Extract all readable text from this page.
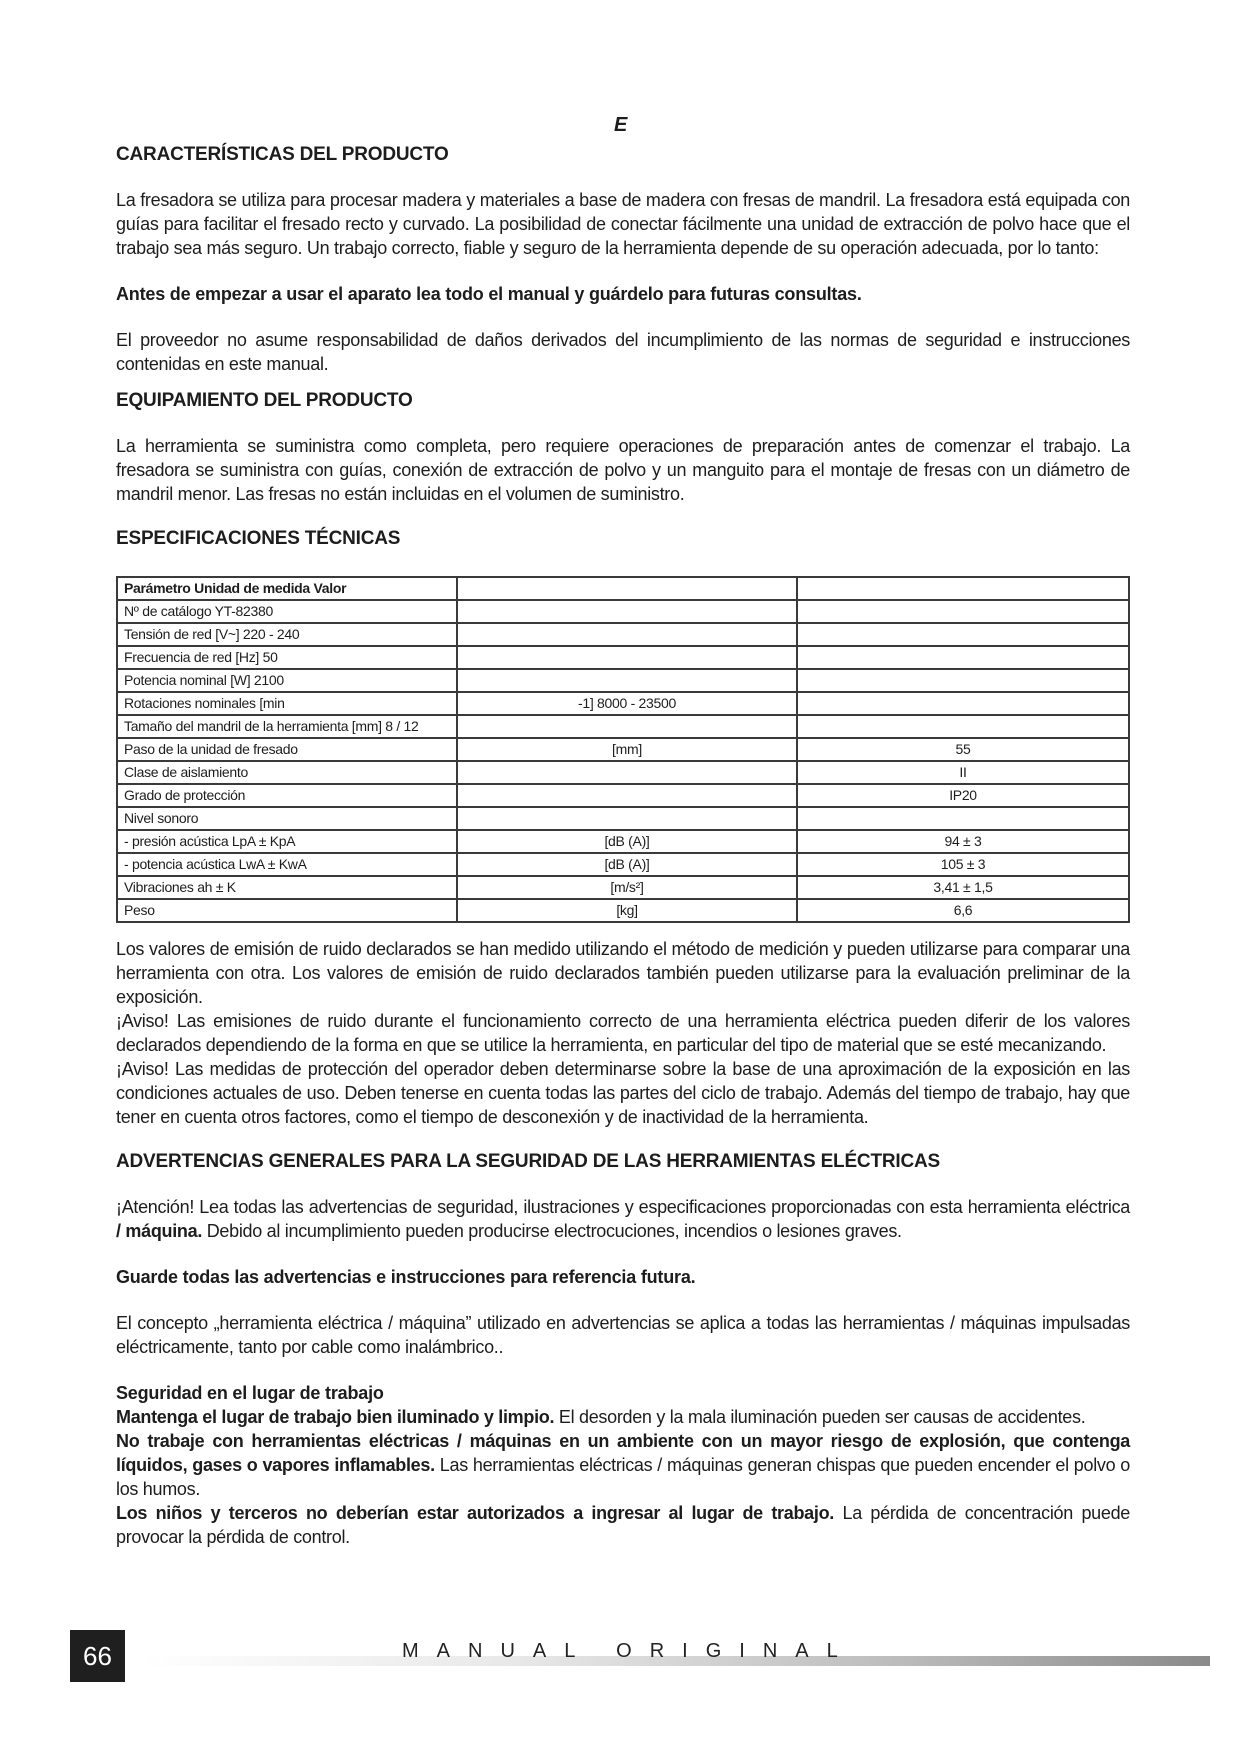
E
CARACTERÍSTICAS DEL PRODUCTO

La fresadora se utiliza para procesar madera y materiales a base de madera con fresas de mandril. La fresadora está equipada con guías para facilitar el fresado recto y curvado. La posibilidad de conectar fácilmente una unidad de extracción de polvo hace que el trabajo sea más seguro. Un trabajo correcto, fiable y seguro de la herramienta depende de su operación adecuada, por lo tanto:

Antes de empezar a usar el aparato lea todo el manual y guárdelo para futuras consultas.

El proveedor no asume responsabilidad de daños derivados del incumplimiento de las normas de seguridad e instrucciones contenidas en este manual.

EQUIPAMIENTO DEL PRODUCTO

La herramienta se suministra como completa, pero requiere operaciones de preparación antes de comenzar el trabajo. La fresadora se suministra con guías, conexión de extracción de polvo y un manguito para el montaje de fresas con un diámetro de mandril menor. Las fresas no están incluidas en el volumen de suministro.

ESPECIFICACIONES TÉCNICAS
Parámetro Unidad de medida Valor		
Nº de catálogo YT-82380		
Tensión de red [V~] 220 - 240		
Frecuencia de red [Hz] 50		
Potencia nominal [W] 2100		
Rotaciones nominales [min	-1] 8000 - 23500	
Tamaño del mandril de la herramienta [mm] 8 / 12		
Paso de la unidad de fresado	[mm]	55
Clase de aislamiento		II
Grado de protección		IP20
Nivel sonoro		
- presión acústica LpA ± KpA	[dB (A)]	94 ± 3
- potencia acústica LwA ± KwA	[dB (A)]	105 ± 3
Vibraciones ah ± K	[m/s²]	3,41 ± 1,5
Peso	[kg]	6,6

Los valores de emisión de ruido declarados se han medido utilizando el método de medición y pueden utilizarse para comparar una herramienta con otra. Los valores de emisión de ruido declarados también pueden utilizarse para la evaluación preliminar de la exposición.

¡Aviso! Las emisiones de ruido durante el funcionamiento correcto de una herramienta eléctrica pueden diferir de los valores declarados dependiendo de la forma en que se utilice la herramienta, en particular del tipo de material que se esté mecanizando.

¡Aviso! Las medidas de protección del operador deben determinarse sobre la base de una aproximación de la exposición en las condiciones actuales de uso. Deben tenerse en cuenta todas las partes del ciclo de trabajo. Además del tiempo de trabajo, hay que tener en cuenta otros factores, como el tiempo de desconexión y de inactividad de la herramienta.

ADVERTENCIAS GENERALES PARA LA SEGURIDAD DE LAS HERRAMIENTAS ELÉCTRICAS

¡Atención! Lea todas las advertencias de seguridad, ilustraciones y especificaciones proporcionadas con esta herramienta eléctrica / máquina. Debido al incumplimiento pueden producirse electrocuciones, incendios o lesiones graves.

Guarde todas las advertencias e instrucciones para referencia futura.

El concepto „herramienta eléctrica / máquina” utilizado en advertencias se aplica a todas las herramientas / máquinas impulsadas eléctricamente, tanto por cable como inalámbrico..

Seguridad en el lugar de trabajo

Mantenga el lugar de trabajo bien iluminado y limpio. El desorden y la mala iluminación pueden ser causas de accidentes.

No trabaje con herramientas eléctricas / máquinas en un ambiente con un mayor riesgo de explosión, que contenga líquidos, gases o vapores inflamables. Las herramientas eléctricas / máquinas generan chispas que pueden encender el polvo o los humos.

Los niños y terceros no deberían estar autorizados a ingresar al lugar de trabajo. La pérdida de concentración puede provocar la pérdida de control.

66	MANUAL ORIGINAL
